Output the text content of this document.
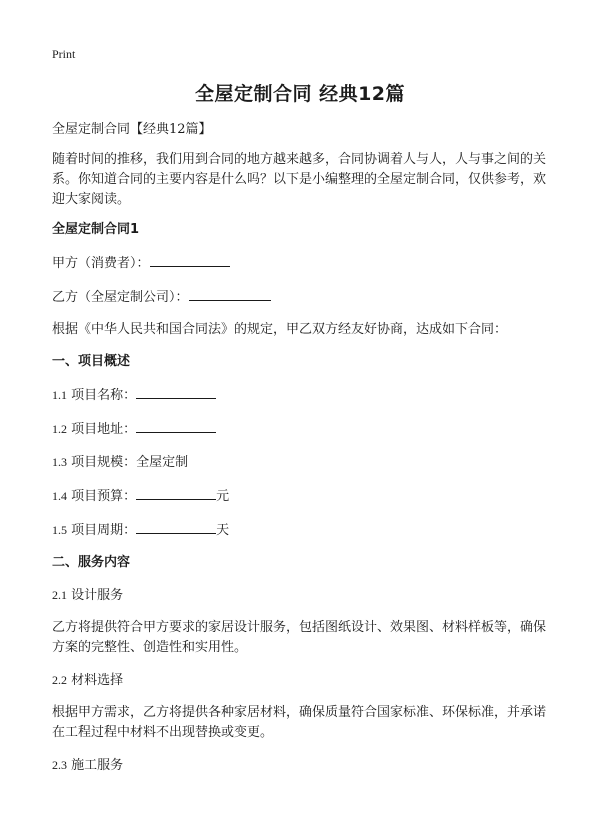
Print
全屋定制合同 经典12篇

全屋定制合同【经典12篇】

随着时间的推移，我们用到合同的地方越来越多，合同协调着人与人，人与事之间的关系。你知道合同的主要内容是什么吗？以下是小编整理的全屋定制合同，仅供参考，欢迎大家阅读。

全屋定制合同1

甲方（消费者）：

乙方（全屋定制公司）：

根据《中华人民共和国合同法》的规定，甲乙双方经友好协商，达成如下合同：

一、项目概述

1.1 项目名称：

1.2 项目地址：

1.3 项目规模：全屋定制

1.4 项目预算：	元

1.5 项目周期：	天

二、服务内容

2.1 设计服务

乙方将提供符合甲方要求的家居设计服务，包括图纸设计、效果图、材料样板等，确保方案的完整性、创造性和实用性。

2.2 材料选择

根据甲方需求，乙方将提供各种家居材料，确保质量符合国家标准、环保标准，并承诺在工程过程中材料不出现替换或变更。

2.3 施工服务
